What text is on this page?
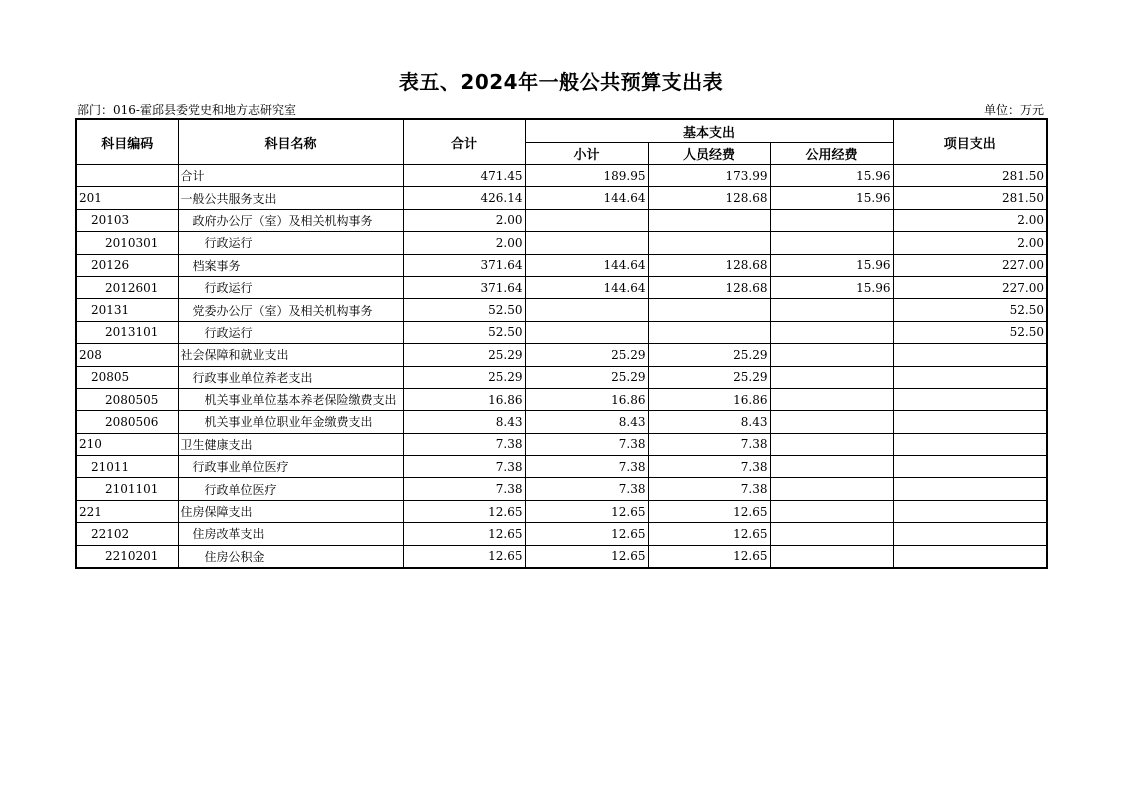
表五、2024年一般公共预算支出表
部门：016-霍邱县委党史和地方志研究室	单位：万元
科目编码	科目名称	合计	基本支出			项目支出
			小计	人员经费	公用经费	
	合计	471.45	189.95	173.99	15.96	281.50
201	一般公共服务支出	426.14	144.64	128.68	15.96	281.50
20103	政府办公厅（室）及相关机构事务	2.00				2.00
2010301	行政运行	2.00				2.00
20126	档案事务	371.64	144.64	128.68	15.96	227.00
2012601	行政运行	371.64	144.64	128.68	15.96	227.00
20131	党委办公厅（室）及相关机构事务	52.50				52.50
2013101	行政运行	52.50				52.50
208	社会保障和就业支出	25.29	25.29	25.29		
20805	行政事业单位养老支出	25.29	25.29	25.29		
2080505	机关事业单位基本养老保险缴费支出	16.86	16.86	16.86		
2080506	机关事业单位职业年金缴费支出	8.43	8.43	8.43		
210	卫生健康支出	7.38	7.38	7.38		
21011	行政事业单位医疗	7.38	7.38	7.38		
2101101	行政单位医疗	7.38	7.38	7.38		
221	住房保障支出	12.65	12.65	12.65		
22102	住房改革支出	12.65	12.65	12.65		
2210201	住房公积金	12.65	12.65	12.65		
